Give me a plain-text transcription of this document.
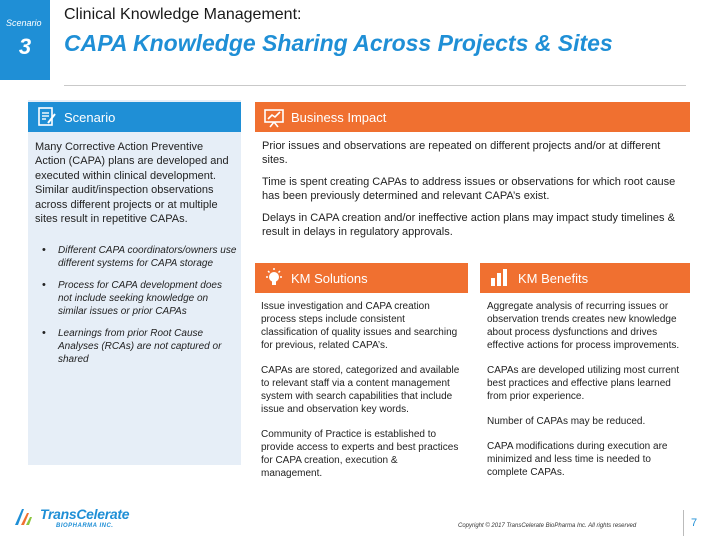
Scenario
3
Clinical Knowledge Management:
CAPA Knowledge Sharing Across Projects & Sites
Scenario
Many Corrective Action Preventive Action (CAPA) plans are developed and executed within clinical development. Similar audit/inspection observations across different projects or at multiple sites result in repetitive CAPAs.
• Different CAPA coordinators/owners use different systems for CAPA storage
• Process for CAPA development does not include seeking knowledge on similar issues or prior CAPAs
• Learnings from prior Root Cause Analyses (RCAs) are not captured or shared
Business Impact

Prior issues and observations are repeated on different projects and/or at different sites.

Time is spent creating CAPAs to address issues or observations for which root cause has been previously determined and relevant CAPA’s exist.

Delays in CAPA creation and/or ineffective action plans may impact study timelines & result in delays in regulatory approvals.

KM Solutions

Issue investigation and CAPA creation process steps include consistent classification of quality issues and searching for previous, related CAPA’s.

CAPAs are stored, categorized and available to relevant staff via a content management system with search capabilities that include issue and observation key words.

Community of Practice is established to provide access to experts and best practices for CAPA creation, execution & management.

KM Benefits

Aggregate analysis of recurring issues or observation trends creates new knowledge about process dysfunctions and drives effective actions for process improvements.

CAPAs are developed utilizing most current best practices and effective plans learned from prior experience.

Number of CAPAs may be reduced.

CAPA modifications during execution are minimized and less time is needed to complete CAPAs.

TransCelerate
BIOPHARMA INC.	Copyright © 2017 TransCelerate BioPharma Inc. All rights reserved	7
